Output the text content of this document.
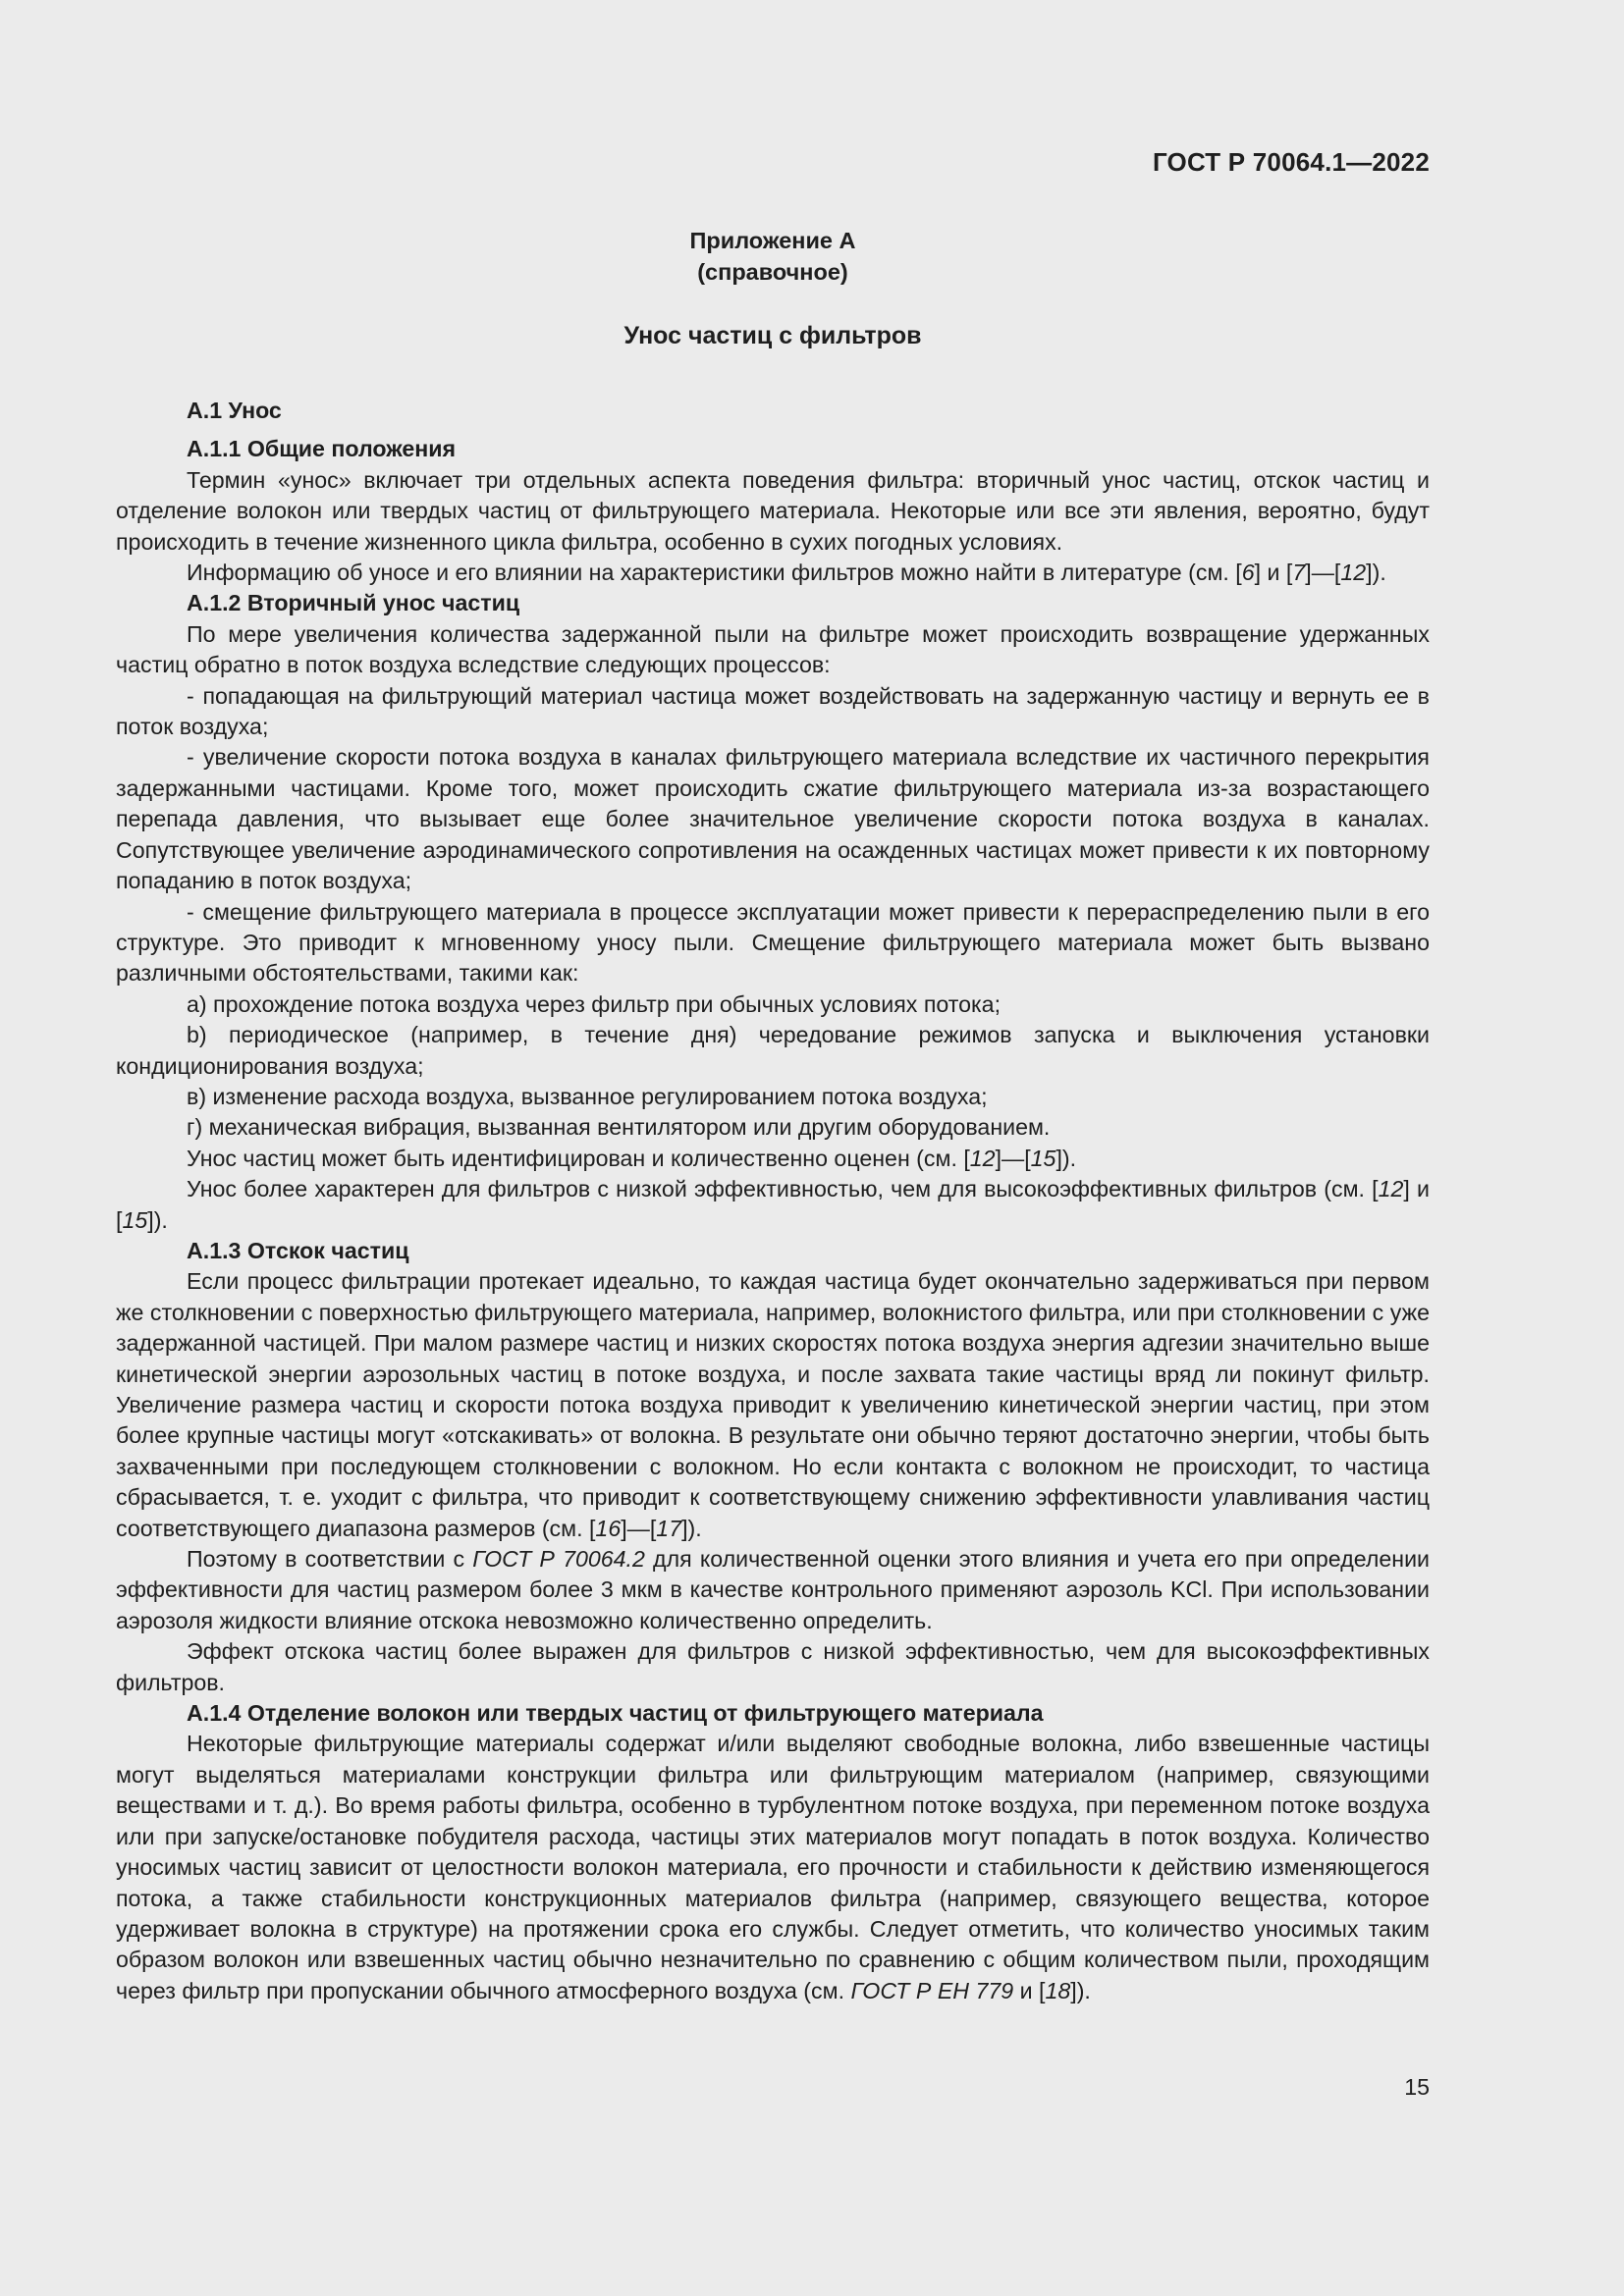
ГОСТ Р 70064.1—2022
Приложение А
(справочное)
Унос частиц с фильтров

А.1 Унос

А.1.1 Общие положения

Термин «унос» включает три отдельных аспекта поведения фильтра: вторичный унос частиц, отскок частиц и отделение волокон или твердых частиц от фильтрующего материала. Некоторые или все эти явления, вероятно, будут происходить в течение жизненного цикла фильтра, особенно в сухих погодных условиях.

Информацию об уносе и его влиянии на характеристики фильтров можно найти в литературе (см. [6] и [7]—[12]).

А.1.2 Вторичный унос частиц

По мере увеличения количества задержанной пыли на фильтре может происходить возвращение удержанных частиц обратно в поток воздуха вследствие следующих процессов:

- попадающая на фильтрующий материал частица может воздействовать на задержанную частицу и вернуть ее в поток воздуха;

- увеличение скорости потока воздуха в каналах фильтрующего материала вследствие их частичного перекрытия задержанными частицами. Кроме того, может происходить сжатие фильтрующего материала из-за возрастающего перепада давления, что вызывает еще более значительное увеличение скорости потока воздуха в каналах. Сопутствующее увеличение аэродинамического сопротивления на осажденных частицах может привести к их повторному попаданию в поток воздуха;

- смещение фильтрующего материала в процессе эксплуатации может привести к перераспределению пыли в его структуре. Это приводит к мгновенному уносу пыли. Смещение фильтрующего материала может быть вызвано различными обстоятельствами, такими как:

а) прохождение потока воздуха через фильтр при обычных условиях потока;

b) периодическое (например, в течение дня) чередование режимов запуска и выключения установки кондиционирования воздуха;

в) изменение расхода воздуха, вызванное регулированием потока воздуха;

г) механическая вибрация, вызванная вентилятором или другим оборудованием.

Унос частиц может быть идентифицирован и количественно оценен (см. [12]—[15]).

Унос более характерен для фильтров с низкой эффективностью, чем для высокоэффективных фильтров (см. [12] и [15]).

А.1.3 Отскок частиц

Если процесс фильтрации протекает идеально, то каждая частица будет окончательно задерживаться при первом же столкновении с поверхностью фильтрующего материала, например, волокнистого фильтра, или при столкновении с уже задержанной частицей. При малом размере частиц и низких скоростях потока воздуха энергия адгезии значительно выше кинетической энергии аэрозольных частиц в потоке воздуха, и после захвата такие частицы вряд ли покинут фильтр. Увеличение размера частиц и скорости потока воздуха приводит к увеличению кинетической энергии частиц, при этом более крупные частицы могут «отскакивать» от волокна. В результате они обычно теряют достаточно энергии, чтобы быть захваченными при последующем столкновении с волокном. Но если контакта с волокном не происходит, то частица сбрасывается, т. е. уходит с фильтра, что приводит к соответствующему снижению эффективности улавливания частиц соответствующего диапазона размеров (см. [16]—[17]).

Поэтому в соответствии с ГОСТ Р 70064.2 для количественной оценки этого влияния и учета его при определении эффективности для частиц размером более 3 мкм в качестве контрольного применяют аэрозоль KCl. При использовании аэрозоля жидкости влияние отскока невозможно количественно определить.

Эффект отскока частиц более выражен для фильтров с низкой эффективностью, чем для высокоэффективных фильтров.

А.1.4 Отделение волокон или твердых частиц от фильтрующего материала

Некоторые фильтрующие материалы содержат и/или выделяют свободные волокна, либо взвешенные частицы могут выделяться материалами конструкции фильтра или фильтрующим материалом (например, связующими веществами и т. д.). Во время работы фильтра, особенно в турбулентном потоке воздуха, при переменном потоке воздуха или при запуске/остановке побудителя расхода, частицы этих материалов могут попадать в поток воздуха. Количество уносимых частиц зависит от целостности волокон материала, его прочности и стабильности к действию изменяющегося потока, а также стабильности конструкционных материалов фильтра (например, связующего вещества, которое удерживает волокна в структуре) на протяжении срока его службы. Следует отметить, что количество уносимых таким образом волокон или взвешенных частиц обычно незначительно по сравнению с общим количеством пыли, проходящим через фильтр при пропускании обычного атмосферного воздуха (см. ГОСТ Р ЕН 779 и [18]).

15
